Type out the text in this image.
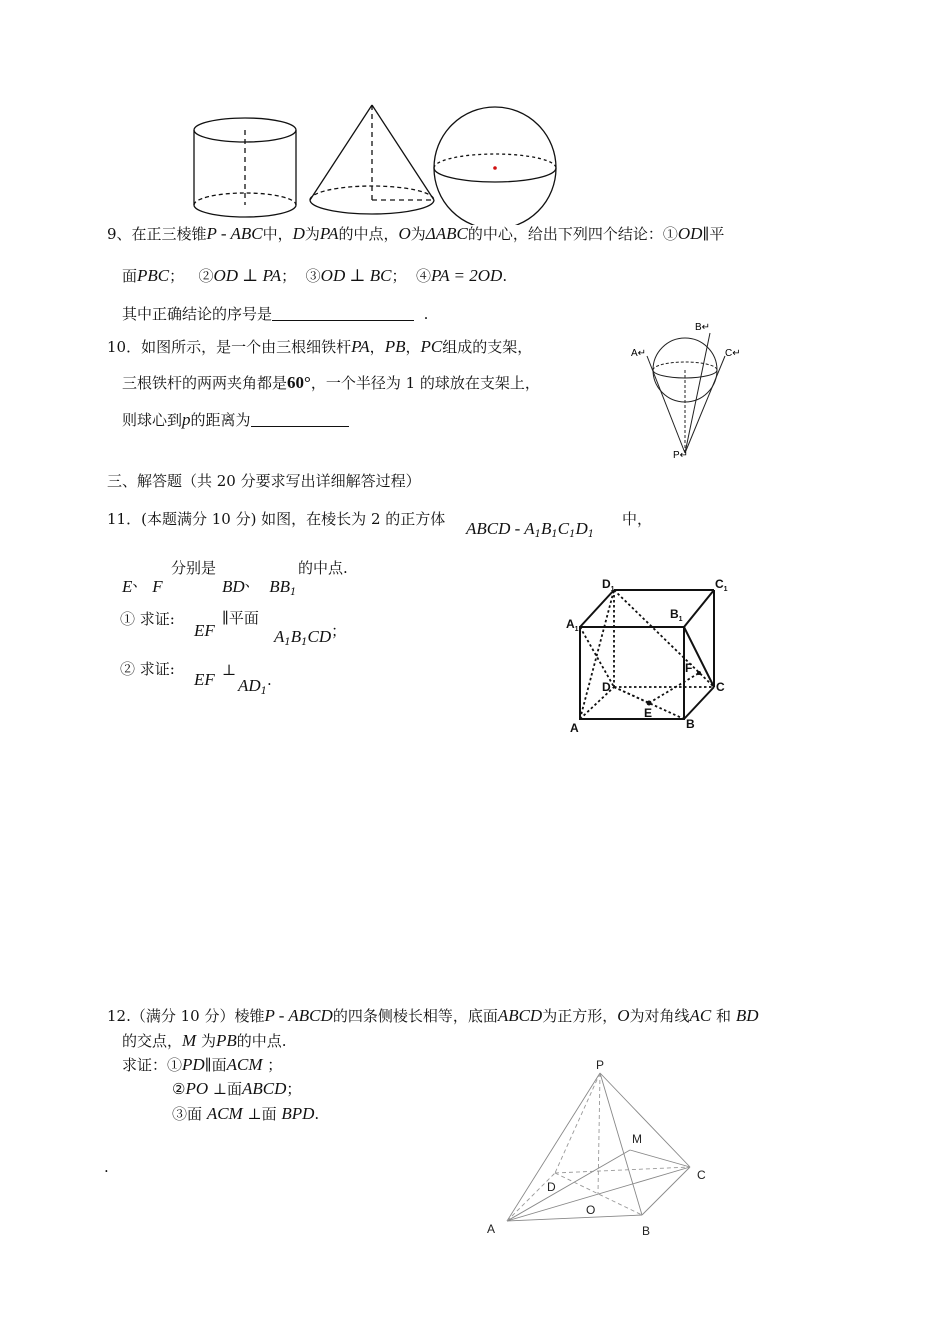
9、在正三棱锥P - ABC中，D为PA的中点，O为ΔABC的中心，给出下列四个结论：①OD∥平
面PBC； ②OD ⊥ PA； ③OD ⊥ BC； ④PA = 2OD.
其中正确结论的序号是	.
10．如图所示，是一个由三根细铁杆PA，PB，PC组成的支架，
三根铁杆的两两夹角都是60°，一个半径为 1 的球放在支架上，
则球心到p的距离为
A↵
B↵
C↵
P↵
三、解答题（共 20 分要求写出详细解答过程）
11．(本题满分 10 分) 如图，在棱长为 2 的正方体 ABCD - $A_1B_1C_1D_1$
中，
E、 F
分别是
BD、 $BB_1$
的中点.
① 求证:
EF
∥平面
$A_1B_1CD$；
② 求证:
EF ⊥
$AD_1$.
$D_1$	$C_1$
$A_1$
$B_1$
F
D	C
E
A	B
12.（满分 10 分）棱锥P - ABCD的四条侧棱长相等，底面ABCD为正方形，O为对角线AC 和 BD
的交点，M 为PB的中点.
求证：①PD∥面ACM ；
②PO ⊥面ABCD；
③面 ACM ⊥面 BPD.
.
P
M
C
D
O
A	B
